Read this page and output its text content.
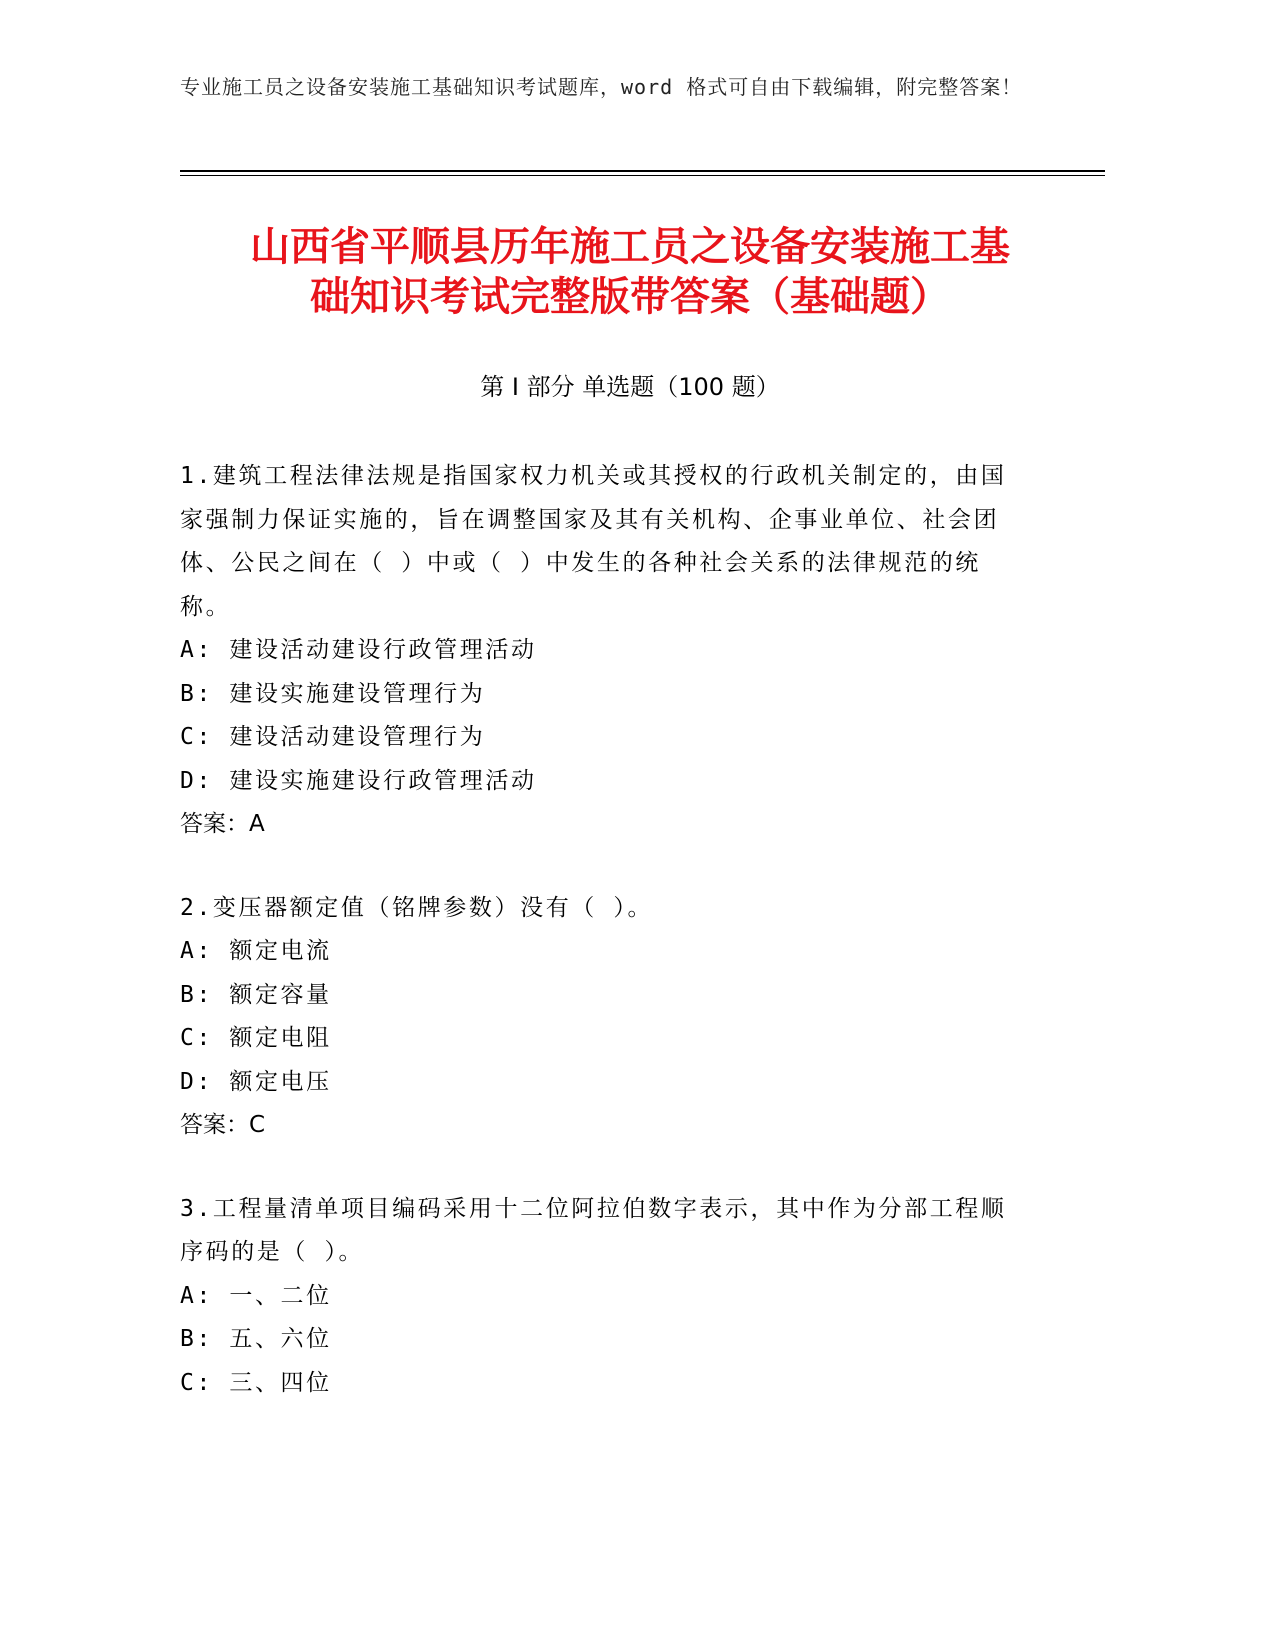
专业施工员之设备安装施工基础知识考试题库，word 格式可自由下载编辑，附完整答案！
山西省平顺县历年施工员之设备安装施工基
础知识考试完整版带答案（基础题）
第 I 部分 单选题（100 题）

1.建筑工程法律法规是指国家权力机关或其授权的行政机关制定的，由国家强制力保证实施的，旨在调整国家及其有关机构、企事业单位、社会团体、公民之间在（ ）中或（ ）中发生的各种社会关系的法律规范的统称。

A: 建设活动建设行政管理活动

B: 建设实施建设管理行为

C: 建设活动建设管理行为

D: 建设实施建设行政管理活动

答案：A

2.变压器额定值（铭牌参数）没有（ ）。

A: 额定电流

B: 额定容量

C: 额定电阻

D: 额定电压

答案：C

3.工程量清单项目编码采用十二位阿拉伯数字表示，其中作为分部工程顺序码的是（ ）。

A: 一、二位

B: 五、六位

C: 三、四位
